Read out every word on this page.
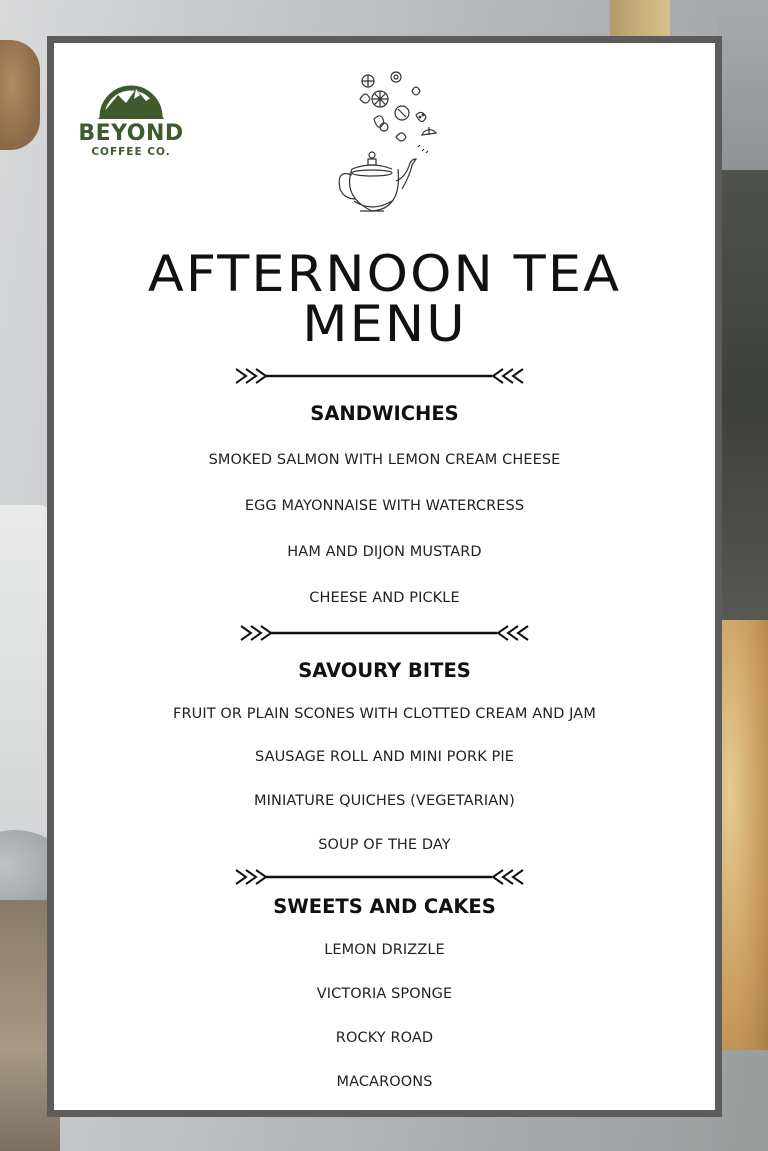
BEYOND
COFFEE CO.
AFTERNOON TEA
MENU
SANDWICHES
SMOKED SALMON WITH LEMON CREAM CHEESE
EGG MAYONNAISE WITH WATERCRESS
HAM AND DIJON MUSTARD
CHEESE AND PICKLE
SAVOURY BITES
FRUIT OR PLAIN SCONES WITH CLOTTED CREAM AND JAM
SAUSAGE ROLL AND MINI PORK PIE
MINIATURE QUICHES (VEGETARIAN)
SOUP OF THE DAY
SWEETS AND CAKES
LEMON DRIZZLE
VICTORIA SPONGE
ROCKY ROAD
MACAROONS
